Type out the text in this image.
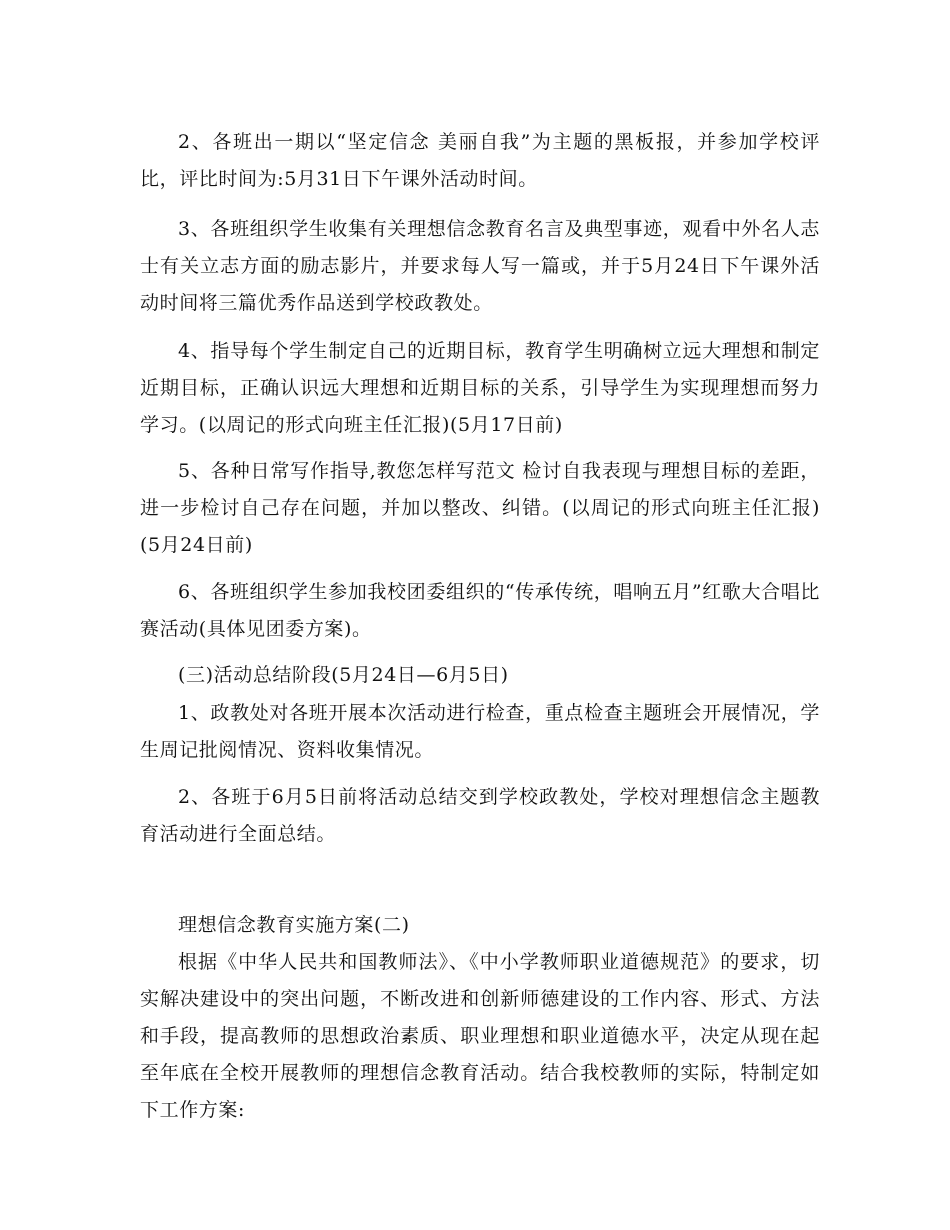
2、各班出一期以“坚定信念 美丽自我”为主题的黑板报，并参加学校评比，评比时间为:5月31日下午课外活动时间。

3、各班组织学生收集有关理想信念教育名言及典型事迹，观看中外名人志士有关立志方面的励志影片，并要求每人写一篇或，并于5月24日下午课外活动时间将三篇优秀作品送到学校政教处。

4、指导每个学生制定自己的近期目标，教育学生明确树立远大理想和制定近期目标，正确认识远大理想和近期目标的关系，引导学生为实现理想而努力学习。(以周记的形式向班主任汇报)(5月17日前)

5、各种日常写作指导,教您怎样写范文 检讨自我表现与理想目标的差距，进一步检讨自己存在问题，并加以整改、纠错。(以周记的形式向班主任汇报)(5月24日前)

6、各班组织学生参加我校团委组织的“传承传统，唱响五月”红歌大合唱比赛活动(具体见团委方案)。

(三)活动总结阶段(5月24日—6月5日)

1、政教处对各班开展本次活动进行检查，重点检查主题班会开展情况，学生周记批阅情况、资料收集情况。

2、各班于6月5日前将活动总结交到学校政教处，学校对理想信念主题教育活动进行全面总结。

理想信念教育实施方案(二)

根据《中华人民共和国教师法》、《中小学教师职业道德规范》的要求，切实解决建设中的突出问题，不断改进和创新师德建设的工作内容、形式、方法和手段，提高教师的思想政治素质、职业理想和职业道德水平，决定从现在起至年底在全校开展教师的理想信念教育活动。结合我校教师的实际，特制定如下工作方案:
